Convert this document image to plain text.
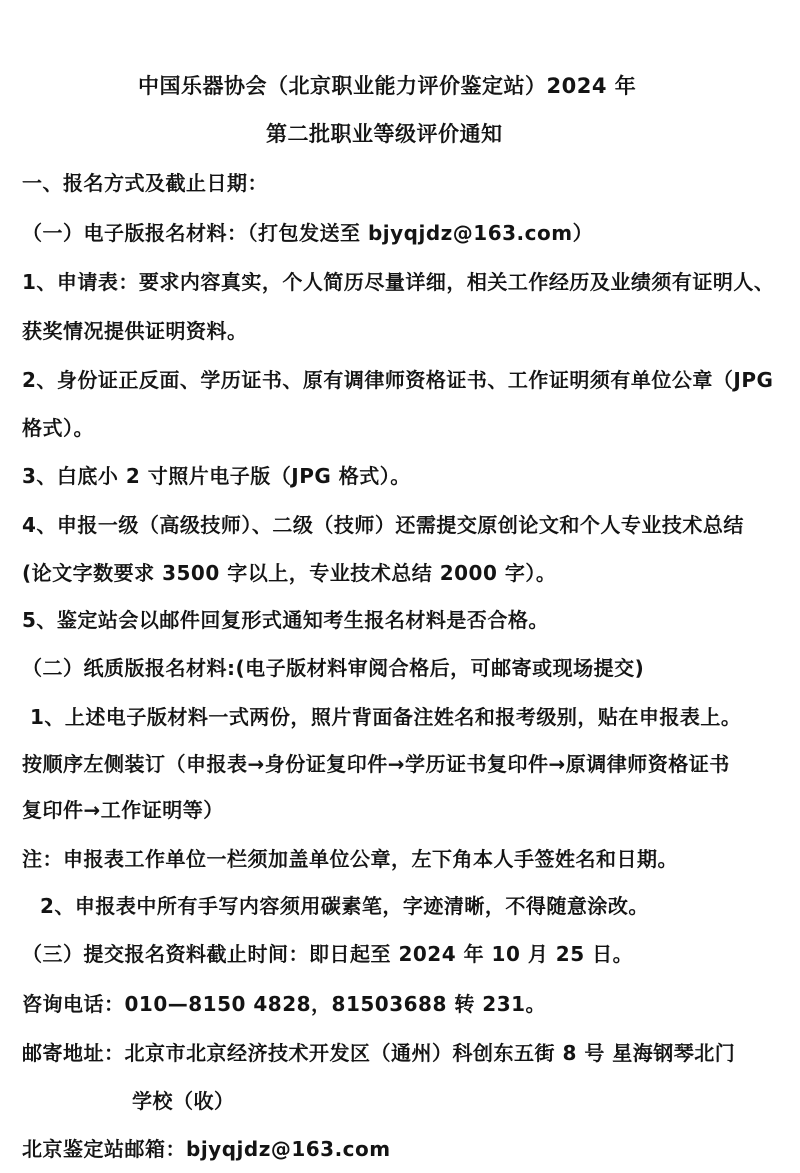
中国乐器协会（北京职业能力评价鉴定站）2024 年
第二批职业等级评价通知
一、报名方式及截止日期：
（一）电子版报名材料：（打包发送至 bjyqjdz@163.com）
1、申请表：要求内容真实，个人简历尽量详细，相关工作经历及业绩须有证明人、
获奖情况提供证明资料。
2、身份证正反面、学历证书、原有调律师资格证书、工作证明须有单位公章（JPG
格式）。
3、白底小 2 寸照片电子版（JPG 格式）。
4、申报一级（高级技师）、二级（技师）还需提交原创论文和个人专业技术总结
(论文字数要求 3500 字以上，专业技术总结 2000 字）。
5、鉴定站会以邮件回复形式通知考生报名材料是否合格。
（二）纸质版报名材料:(电子版材料审阅合格后，可邮寄或现场提交)
1、上述电子版材料一式两份，照片背面备注姓名和报考级别，贴在申报表上。
按顺序左侧装订（申报表→身份证复印件→学历证书复印件→原调律师资格证书
复印件→工作证明等）
注：申报表工作单位一栏须加盖单位公章，左下角本人手签姓名和日期。
2、申报表中所有手写内容须用碳素笔，字迹清晰，不得随意涂改。
（三）提交报名资料截止时间：即日起至 2024 年 10 月 25 日。
咨询电话：010—8150 4828，81503688 转 231。
邮寄地址：北京市北京经济技术开发区（通州）科创东五街 8 号 星海钢琴北门
学校（收）
北京鉴定站邮箱：bjyqjdz@163.com
